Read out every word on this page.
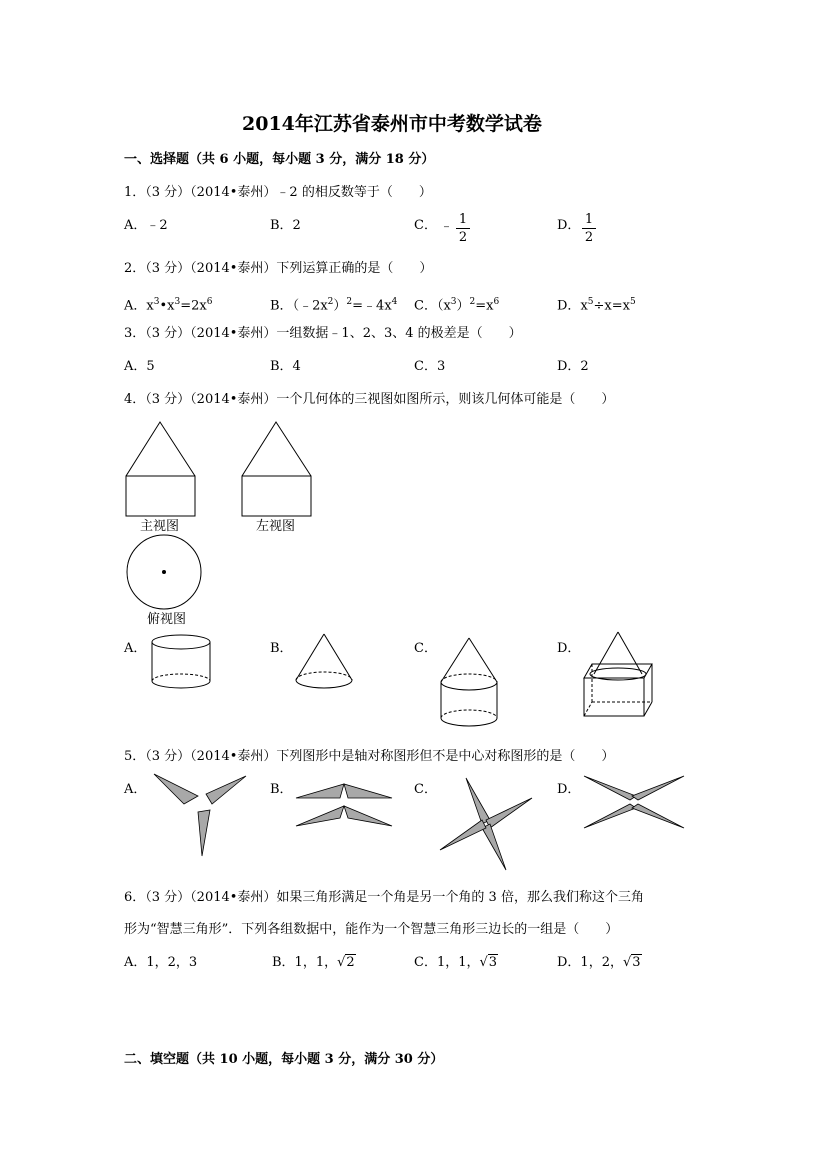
2014年江苏省泰州市中考数学试卷
一、选择题（共 6 小题，每小题 3 分，满分 18 分）
1．（3 分）（2014•泰州）﹣2 的相反数等于（　　）
A．﹣2	B．2	C． ﹣ 1
2
D． 1
2
2．（3 分）（2014•泰州）下列运算正确的是（　　）
A．$x^3•x^3=2x^6$	B．$(﹣2x^2)^2=﹣4x^4$ C．$(x^3)^2=x^6$	D．$x^5\div x=x^5$
3．（3 分）（2014•泰州）一组数据﹣1、2、3、4 的极差是（　　）
A．5	B．4	C．3	D．2
4．（3 分）（2014•泰州）一个几何体的三视图如图所示，则该几何体可能是（　　）
主视图	左视图
俯视图
A．	B．	C．	D．
5．（3 分）（2014•泰州）下列图形中是轴对称图形但不是中心对称图形的是（　　）
A．	B．	C．	D．
6．（3 分）（2014•泰州）如果三角形满足一个角是另一个角的 3 倍，那么我们称这个三角
形为“智慧三角形”．下列各组数据中，能作为一个智慧三角形三边长的一组是（　　）
A．1，2，3	B．1，1，√2	C．1，1，√3	D．1，2，√3
二、填空题（共 10 小题，每小题 3 分，满分 30 分）
